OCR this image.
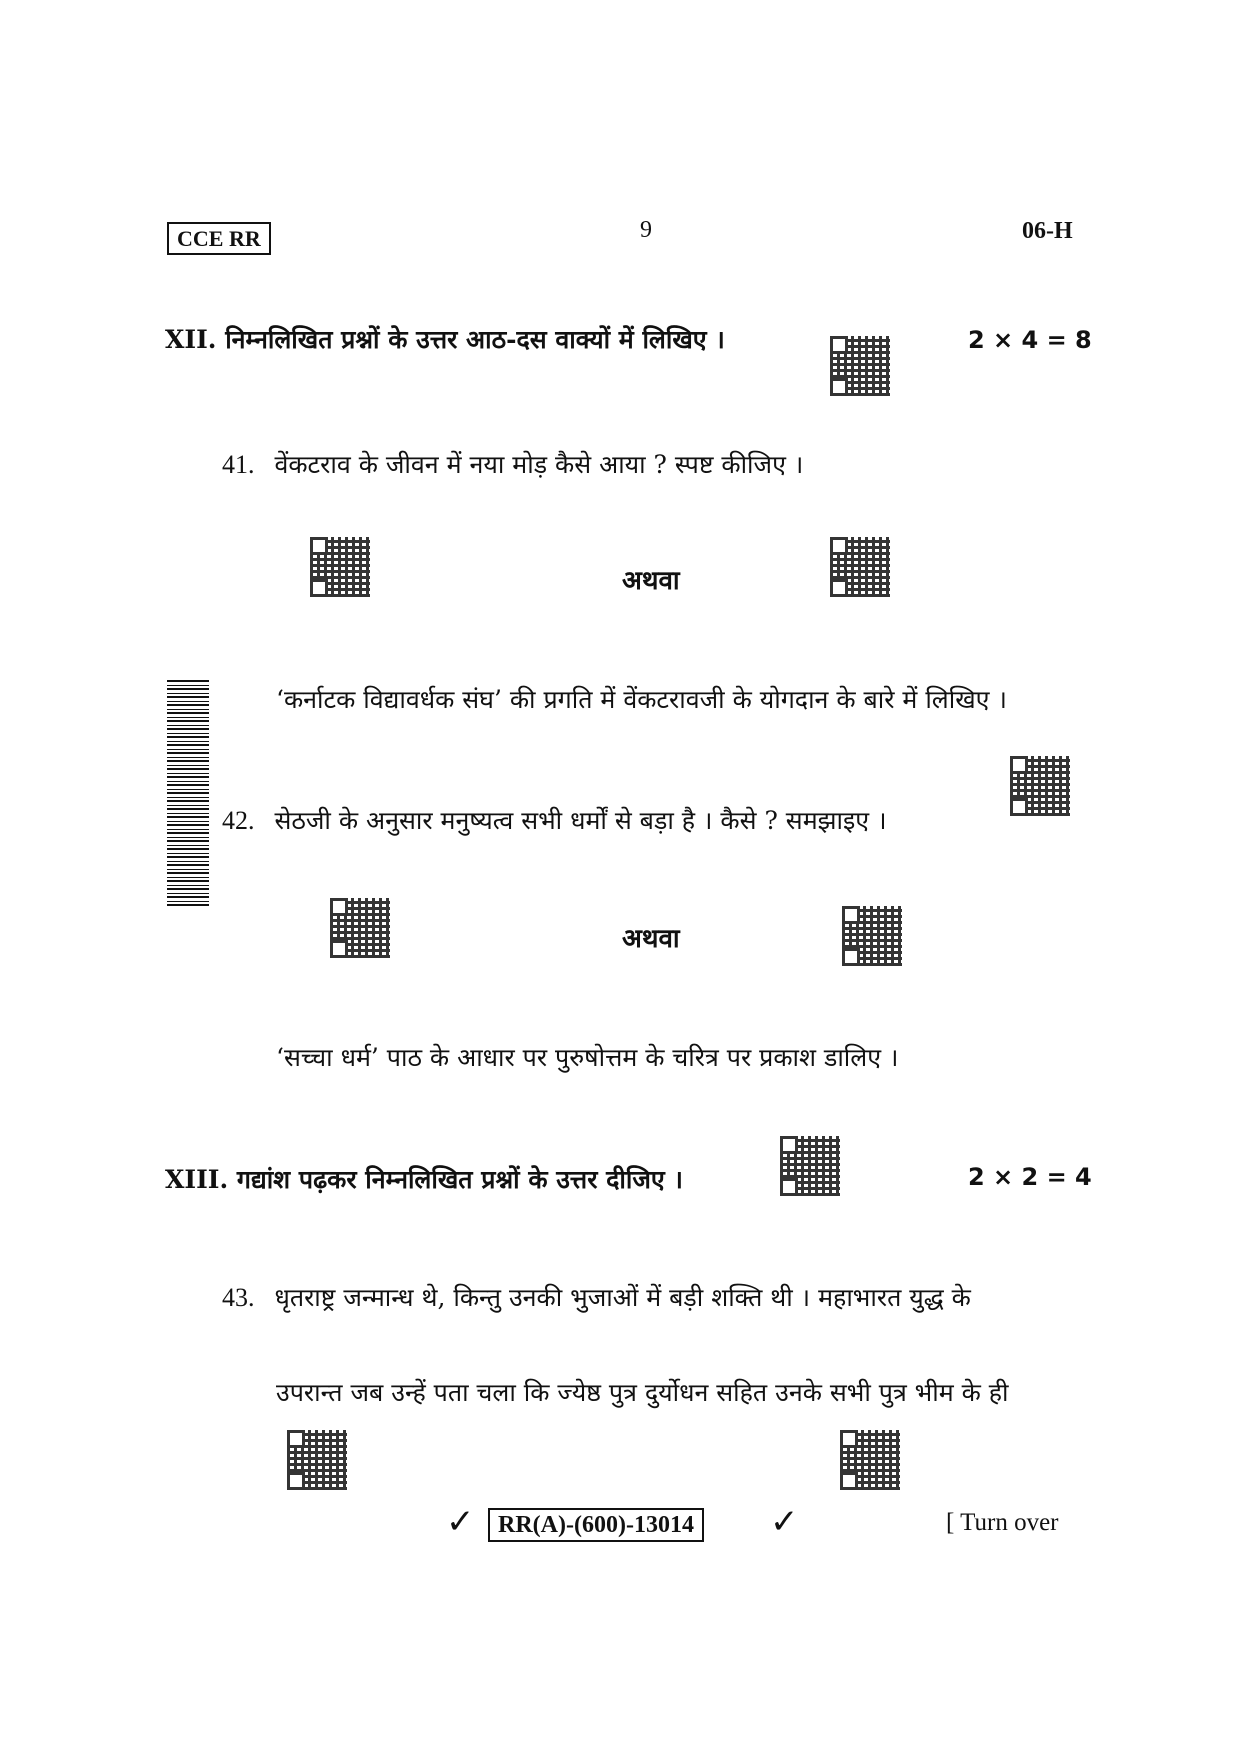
CCE RR	9	06-H
XII. निम्नलिखित प्रश्नों के उत्तर आठ-दस वाक्यों में लिखिए ।	2 × 4 = 8
41. वेंकटराव के जीवन में नया मोड़ कैसे आया ? स्पष्ट कीजिए ।
अथवा
‘कर्नाटक विद्यावर्धक संघ’ की प्रगति में वेंकटरावजी के योगदान के बारे में लिखिए ।
42. सेठजी के अनुसार मनुष्यत्व सभी धर्मों से बड़ा है । कैसे ? समझाइए ।
अथवा
‘सच्चा धर्म’ पाठ के आधार पर पुरुषोत्तम के चरित्र पर प्रकाश डालिए ।
XIII. गद्यांश पढ़कर निम्नलिखित प्रश्नों के उत्तर दीजिए ।	2 × 2 = 4
43. धृतराष्ट्र जन्मान्ध थे, किन्तु उनकी भुजाओं में बड़ी शक्ति थी । महाभारत युद्ध के
उपरान्त जब उन्हें पता चला कि ज्येष्ठ पुत्र दुर्योधन सहित उनके सभी पुत्र भीम के ही
✓ RR(A)-(600)-13014 ✓	[ Turn over
